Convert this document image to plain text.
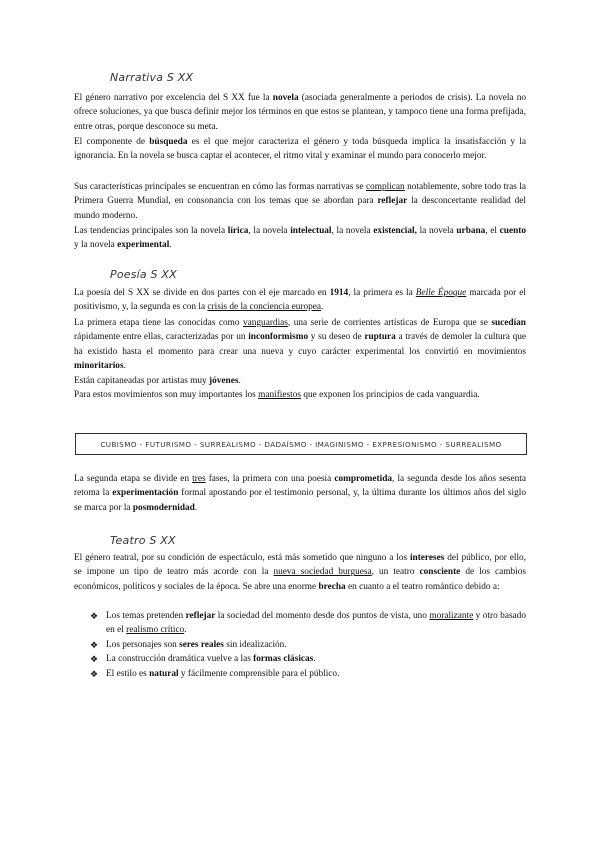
Narrativa S XX

El género narrativo por excelencia del S XX fue la novela (asociada generalmente a periodos de crisis). La novela no ofrece soluciones, ya que busca definir mejor los términos en que estos se plantean, y tampoco tiene una forma prefijada, entre otras, porque desconoce su meta.

El componente de búsqueda es el que mejor caracteriza el género y toda búsqueda implica la insatisfacción y la ignorancia. En la novela se busca captar el acontecer, el ritmo vital y examinar el mundo para conocerlo mejor.

Sus características principales se encuentran en cómo las formas narrativas se complican notablemente, sobre todo tras la Primera Guerra Mundial, en consonancia con los temas que se abordan para reflejar la desconcertante realidad del mundo moderno.

Las tendencias principales son la novela lírica, la novela intelectual, la novela existencial, la novela urbana, el cuento y la novela experimental.

Poesía S XX

La poesía del S XX se divide en dos partes con el eje marcado en 1914, la primera es la Belle Époque marcada por el positivismo, y, la segunda es con la crisis de la conciencia europea.

La primera etapa tiene las conocidas como vanguardias, una serie de corrientes artísticas de Europa que se sucedían rápidamente entre ellas, caracterizadas por un inconformismo y su deseo de ruptura a través de demoler la cultura que ha existido hasta el momento para crear una nueva y cuyo carácter experimental los convirtió en movimientos minoritarios.

Están capitaneadas por artistas muy jóvenes.

Para estos movimientos son muy importantes los manifiestos que exponen los principios de cada vanguardia.

CUBISMO - FUTURISMO - SURREALISMO - DADAÍSMO - IMAGINISMO - EXPRESIONISMO - SURREALISMO

La segunda etapa se divide en tres fases, la primera con una poesía comprometida, la segunda desde los años sesenta retoma la experimentación formal apostando por el testimonio personal, y, la última durante los últimos años del siglo se marca por la posmodernidad.

Teatro S XX

El género teatral, por su condición de espectáculo, está más sometido que ninguno a los intereses del público, por ello, se impone un tipo de teatro más acorde con la nueva sociedad burguesa, un teatro consciente de los cambios económicos, políticos y sociales de la época. Se abre una enorme brecha en cuanto a el teatro romántico debido a:

❖ Los temas pretenden reflejar la sociedad del momento desde dos puntos de vista, uno moralizante y otro basado en el realismo crítico.
❖ Los personajes son seres reales sin idealización.
❖ La construcción dramática vuelve a las formas clásicas.
❖ El estilo es natural y fácilmente comprensible para el público.
